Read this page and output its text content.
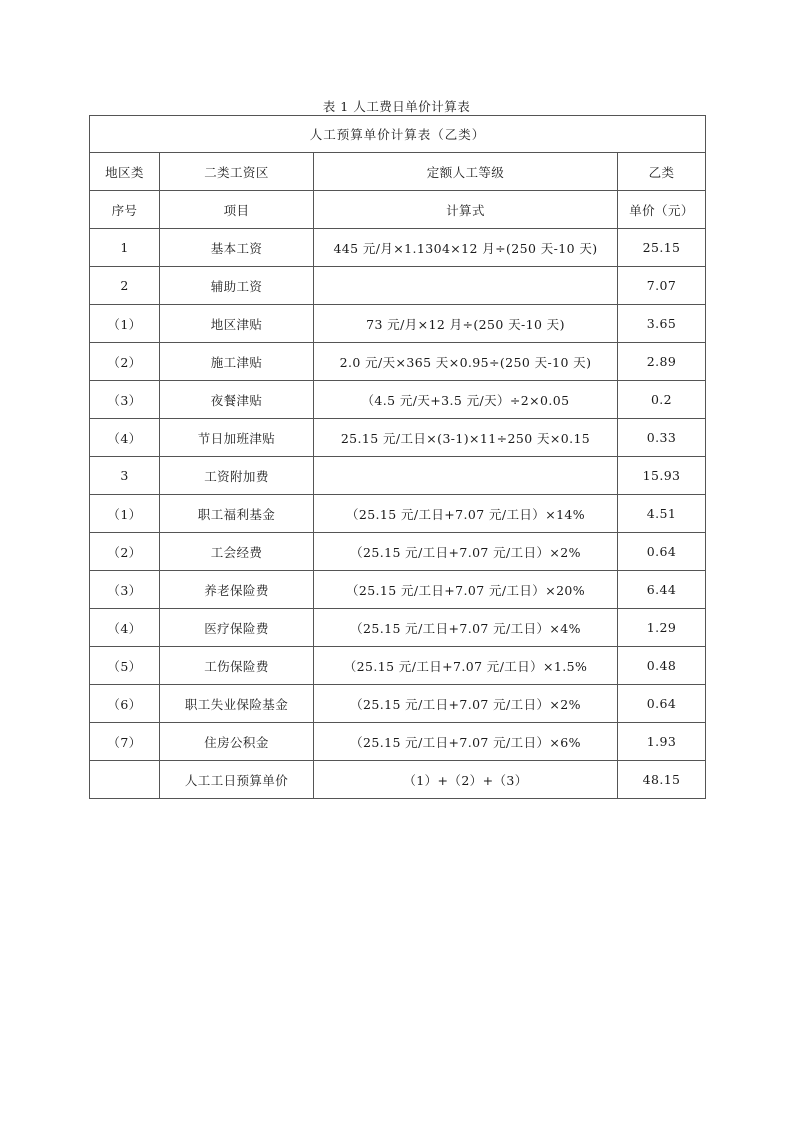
表 1 人工费日单价计算表
人工预算单价计算表（乙类）			
地区类	二类工资区	定额人工等级	乙类
序号	项目	计算式	单价（元）
1	基本工资	445 元/月×1.1304×12 月÷(250 天-10 天)	25.15
2	辅助工资		7.07
（1）	地区津贴	73 元/月×12 月÷(250 天-10 天)	3.65
（2）	施工津贴	2.0 元/天×365 天×0.95÷(250 天-10 天)	2.89
（3）	夜餐津贴	（4.5 元/天+3.5 元/天）÷2×0.05	0.2
（4）	节日加班津贴	25.15 元/工日×(3-1)×11÷250 天×0.15	0.33
3	工资附加费		15.93
（1）	职工福利基金	（25.15 元/工日+7.07 元/工日）×14%	4.51
（2）	工会经费	（25.15 元/工日+7.07 元/工日）×2%	0.64
（3）	养老保险费	（25.15 元/工日+7.07 元/工日）×20%	6.44
（4）	医疗保险费	（25.15 元/工日+7.07 元/工日）×4%	1.29
（5）	工伤保险费	（25.15 元/工日+7.07 元/工日）×1.5%	0.48
（6）	职工失业保险基金	（25.15 元/工日+7.07 元/工日）×2%	0.64
（7）	住房公积金	（25.15 元/工日+7.07 元/工日）×6%	1.93
	人工工日预算单价	（1）+（2）+（3）	48.15
